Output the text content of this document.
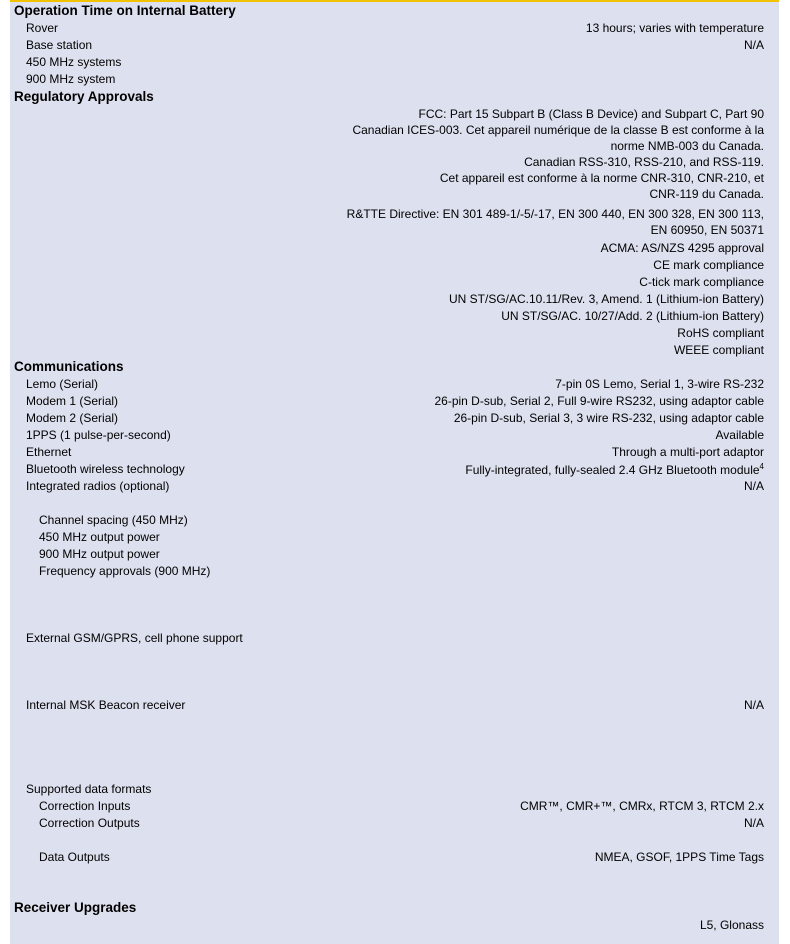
Operation Time on Internal Battery
Rover	13 hours; varies with temperature
Base station	N/A
450 MHz systems
900 MHz system
Regulatory Approvals
FCC: Part 15 Subpart B (Class B Device) and Subpart C, Part 90
Canadian ICES-003. Cet appareil numérique de la classe B est conforme à la
norme NMB-003 du Canada.
Canadian RSS-310, RSS-210, and RSS-119.
Cet appareil est conforme à la norme CNR-310, CNR-210, et
CNR-119 du Canada.
R&TTE Directive: EN 301 489-1/-5/-17, EN 300 440, EN 300 328, EN 300 113,
EN 60950, EN 50371
ACMA: AS/NZS 4295 approval
CE mark compliance
C-tick mark compliance
UN ST/SG/AC.10.11/Rev. 3, Amend. 1 (Lithium-ion Battery)
UN ST/SG/AC. 10/27/Add. 2 (Lithium-ion Battery)
RoHS compliant
WEEE compliant
Communications
Lemo (Serial)	7-pin 0S Lemo, Serial 1, 3-wire RS-232
Modem 1 (Serial)	26-pin D-sub, Serial 2, Full 9-wire RS232, using adaptor cable
Modem 2 (Serial)	26-pin D-sub, Serial 3, 3 wire RS-232, using adaptor cable
1PPS (1 pulse-per-second)	Available
Ethernet	Through a multi-port adaptor
Bluetooth wireless technology	Fully-integrated, fully-sealed 2.4 GHz Bluetooth module$^4$
Integrated radios (optional)	N/A
Channel spacing (450 MHz)
450 MHz output power
900 MHz output power
Frequency approvals (900 MHz)
External GSM/GPRS, cell phone support
Internal MSK Beacon receiver	N/A
Supported data formats
Correction Inputs	CMR™, CMR+™, CMRx, RTCM 3, RTCM 2.x
Correction Outputs	N/A
Data Outputs	NMEA, GSOF, 1PPS Time Tags
Receiver Upgrades
L5, Glonass
